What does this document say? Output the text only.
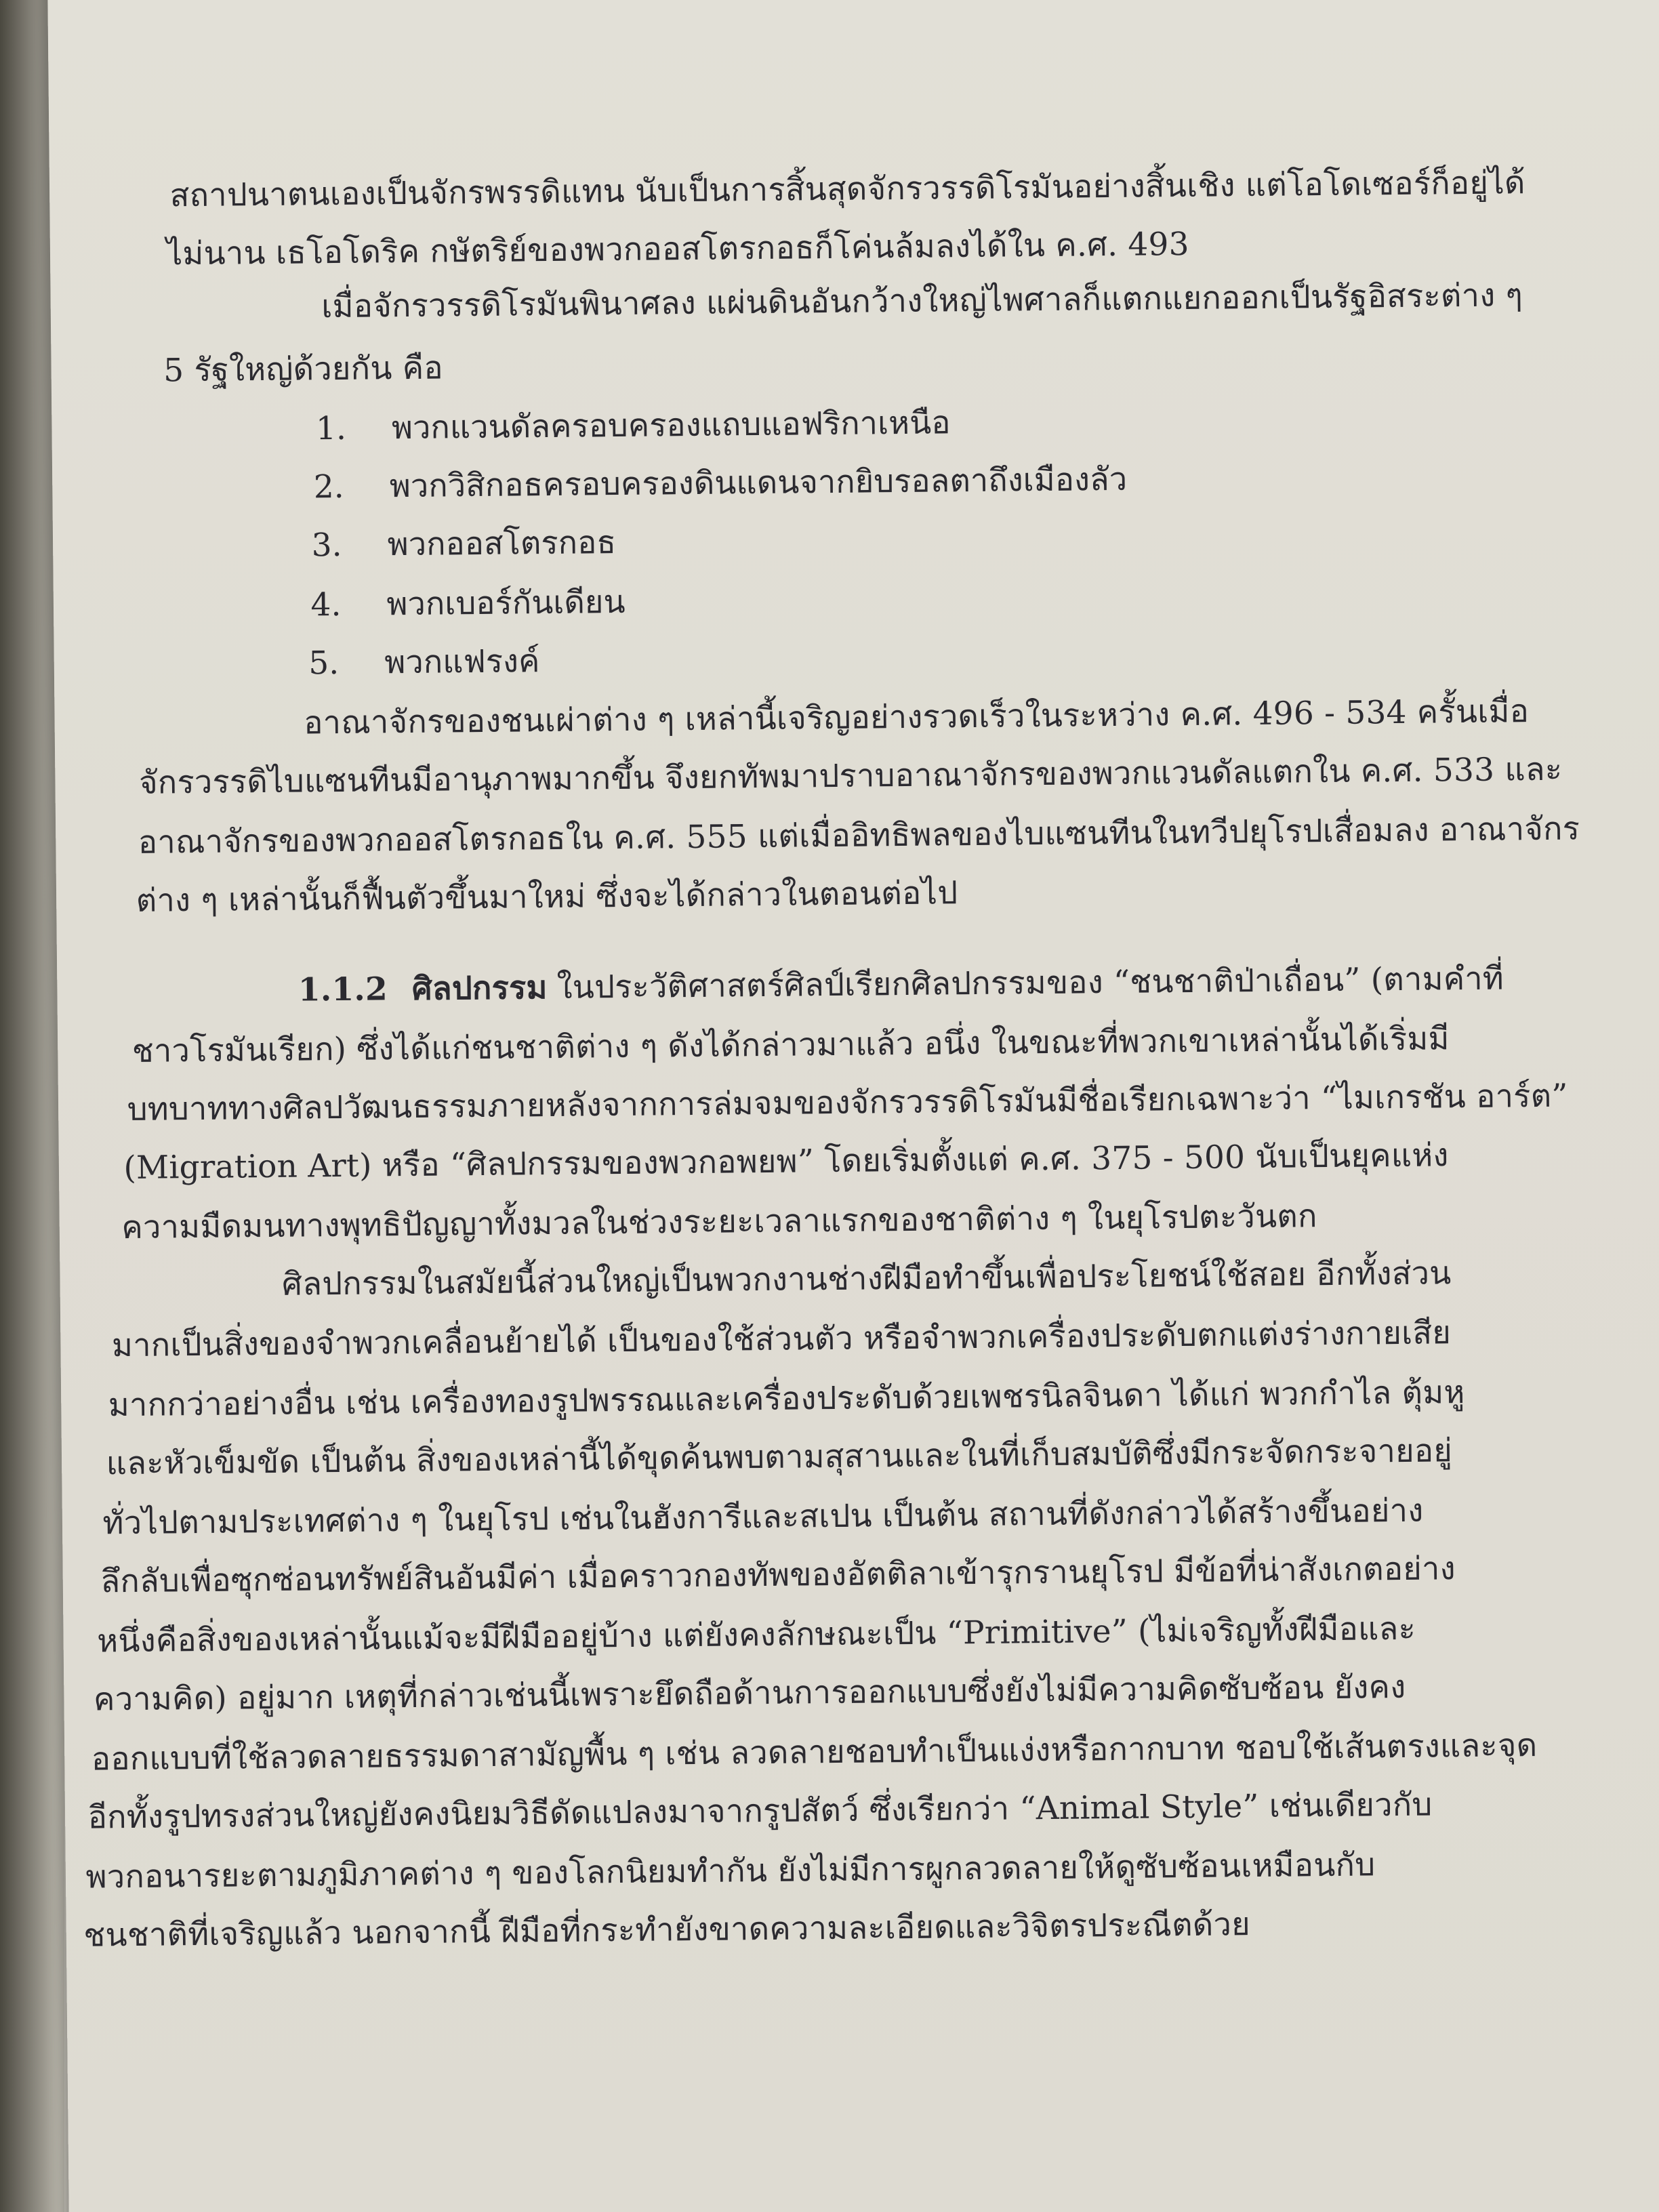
สถาปนาตนเองเป็นจักรพรรดิแทน นับเป็นการสิ้นสุดจักรวรรดิโรมันอย่างสิ้นเชิง แต่โอโดเซอร์ก็อยู่ได้
ไม่นาน เธโอโดริค กษัตริย์ของพวกออสโตรกอธก็โค่นล้มลงได้ใน ค.ศ. 493
เมื่อจักรวรรดิโรมันพินาศลง แผ่นดินอันกว้างใหญ่ไพศาลก็แตกแยกออกเป็นรัฐอิสระต่าง ๆ
5 รัฐใหญ่ด้วยกัน คือ
1. พวกแวนดัลครอบครองแถบแอฟริกาเหนือ
2. พวกวิสิกอธครอบครองดินแดนจากยิบรอลตาถึงเมืองลัว
3. พวกออสโตรกอธ
4. พวกเบอร์กันเดียน
5. พวกแฟรงค์
อาณาจักรของชนเผ่าต่าง ๆ เหล่านี้เจริญอย่างรวดเร็วในระหว่าง ค.ศ. 496 - 534 ครั้นเมื่อ
จักรวรรดิไบแซนทีนมีอานุภาพมากขึ้น จึงยกทัพมาปราบอาณาจักรของพวกแวนดัลแตกใน ค.ศ. 533 และ
อาณาจักรของพวกออสโตรกอธใน ค.ศ. 555 แต่เมื่ออิทธิพลของไบแซนทีนในทวีปยุโรปเสื่อมลง อาณาจักร
ต่าง ๆ เหล่านั้นก็ฟื้นตัวขึ้นมาใหม่ ซึ่งจะได้กล่าวในตอนต่อไป
1.1.2 ศิลปกรรม ในประวัติศาสตร์ศิลป์เรียกศิลปกรรมของ “ชนชาติป่าเถื่อน” (ตามคำที่
ชาวโรมันเรียก) ซึ่งได้แก่ชนชาติต่าง ๆ ดังได้กล่าวมาแล้ว อนึ่ง ในขณะที่พวกเขาเหล่านั้นได้เริ่มมี
บทบาททางศิลปวัฒนธรรมภายหลังจากการล่มจมของจักรวรรดิโรมันมีชื่อเรียกเฉพาะว่า “ไมเกรชัน อาร์ต”
(Migration Art) หรือ “ศิลปกรรมของพวกอพยพ” โดยเริ่มตั้งแต่ ค.ศ. 375 - 500 นับเป็นยุคแห่ง
ความมืดมนทางพุทธิปัญญาทั้งมวลในช่วงระยะเวลาแรกของชาติต่าง ๆ ในยุโรปตะวันตก
ศิลปกรรมในสมัยนี้ส่วนใหญ่เป็นพวกงานช่างฝีมือทำขึ้นเพื่อประโยชน์ใช้สอย อีกทั้งส่วน
มากเป็นสิ่งของจำพวกเคลื่อนย้ายได้ เป็นของใช้ส่วนตัว หรือจำพวกเครื่องประดับตกแต่งร่างกายเสีย
มากกว่าอย่างอื่น เช่น เครื่องทองรูปพรรณและเครื่องประดับด้วยเพชรนิลจินดา ได้แก่ พวกกำไล ตุ้มหู
และหัวเข็มขัด เป็นต้น สิ่งของเหล่านี้ได้ขุดค้นพบตามสุสานและในที่เก็บสมบัติซึ่งมีกระจัดกระจายอยู่
ทั่วไปตามประเทศต่าง ๆ ในยุโรป เช่นในฮังการีและสเปน เป็นต้น สถานที่ดังกล่าวได้สร้างขึ้นอย่าง
ลึกลับเพื่อซุกซ่อนทรัพย์สินอันมีค่า เมื่อคราวกองทัพของอัตติลาเข้ารุกรานยุโรป มีข้อที่น่าสังเกตอย่าง
หนึ่งคือสิ่งของเหล่านั้นแม้จะมีฝีมืออยู่บ้าง แต่ยังคงลักษณะเป็น “Primitive” (ไม่เจริญทั้งฝีมือและ
ความคิด) อยู่มาก เหตุที่กล่าวเช่นนี้เพราะยึดถือด้านการออกแบบซึ่งยังไม่มีความคิดซับซ้อน ยังคง
ออกแบบที่ใช้ลวดลายธรรมดาสามัญพื้น ๆ เช่น ลวดลายชอบทำเป็นแง่งหรือกากบาท ชอบใช้เส้นตรงและจุด
อีกทั้งรูปทรงส่วนใหญ่ยังคงนิยมวิธีดัดแปลงมาจากรูปสัตว์ ซึ่งเรียกว่า “Animal Style” เช่นเดียวกับ
พวกอนารยะตามภูมิภาคต่าง ๆ ของโลกนิยมทำกัน ยังไม่มีการผูกลวดลายให้ดูซับซ้อนเหมือนกับ
ชนชาติที่เจริญแล้ว นอกจากนี้ ฝีมือที่กระทำยังขาดความละเอียดและวิจิตรประณีตด้วย
